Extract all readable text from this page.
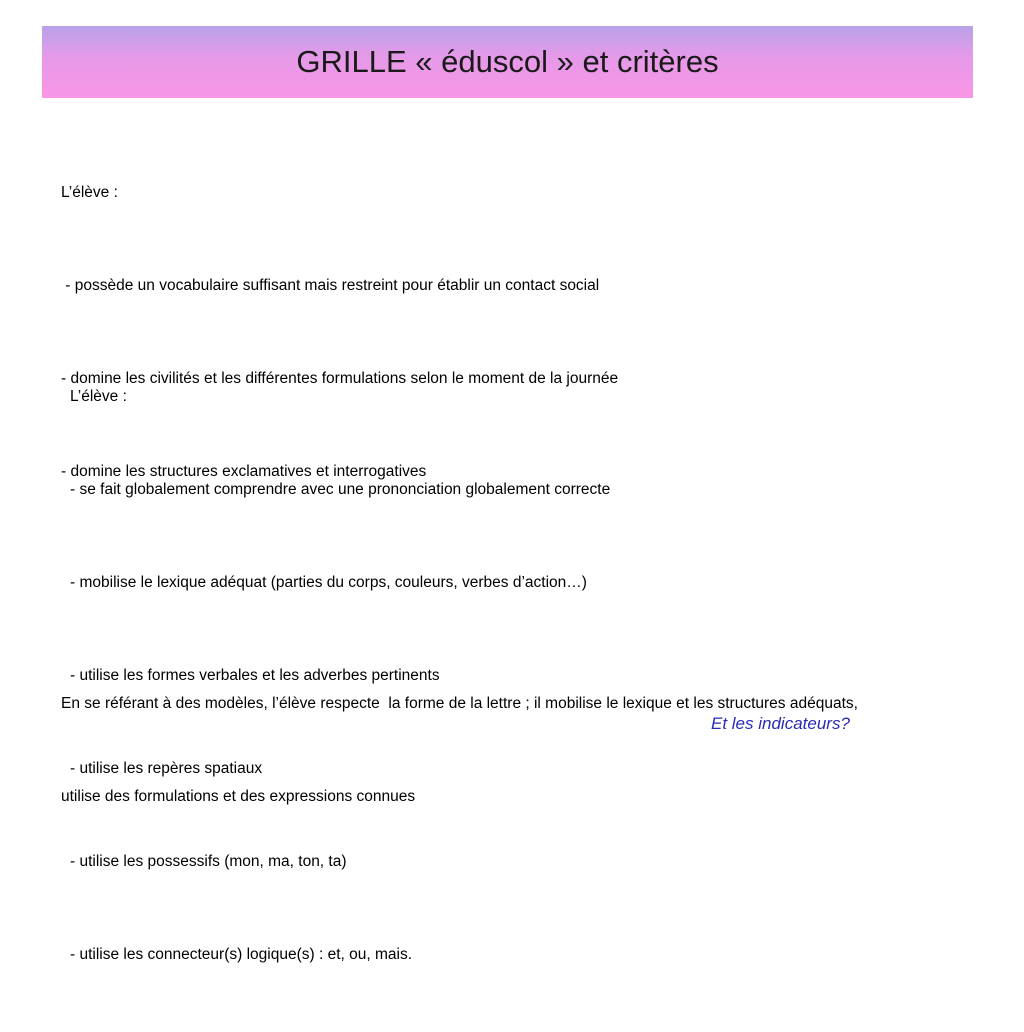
GRILLE « éduscol » et critères

L’élève :

- possède un vocabulaire suffisant mais restreint pour établir un contact social

- domine les civilités et les différentes formulations selon le moment de la journée

- domine les structures exclamatives et interrogatives

L’élève :

- se fait globalement comprendre avec une prononciation globalement correcte

- mobilise le lexique adéquat (parties du corps, couleurs, verbes d’action…)

- utilise les formes verbales et les adverbes pertinents

- utilise les repères spatiaux

- utilise les possessifs (mon, ma, ton, ta)

- utilise les connecteur(s) logique(s) : et, ou, mais.

En se référant à des modèles, l’élève respecte  la forme de la lettre ; il mobilise le lexique et les structures adéquats,

utilise des formulations et des expressions connues

Et les indicateurs?
